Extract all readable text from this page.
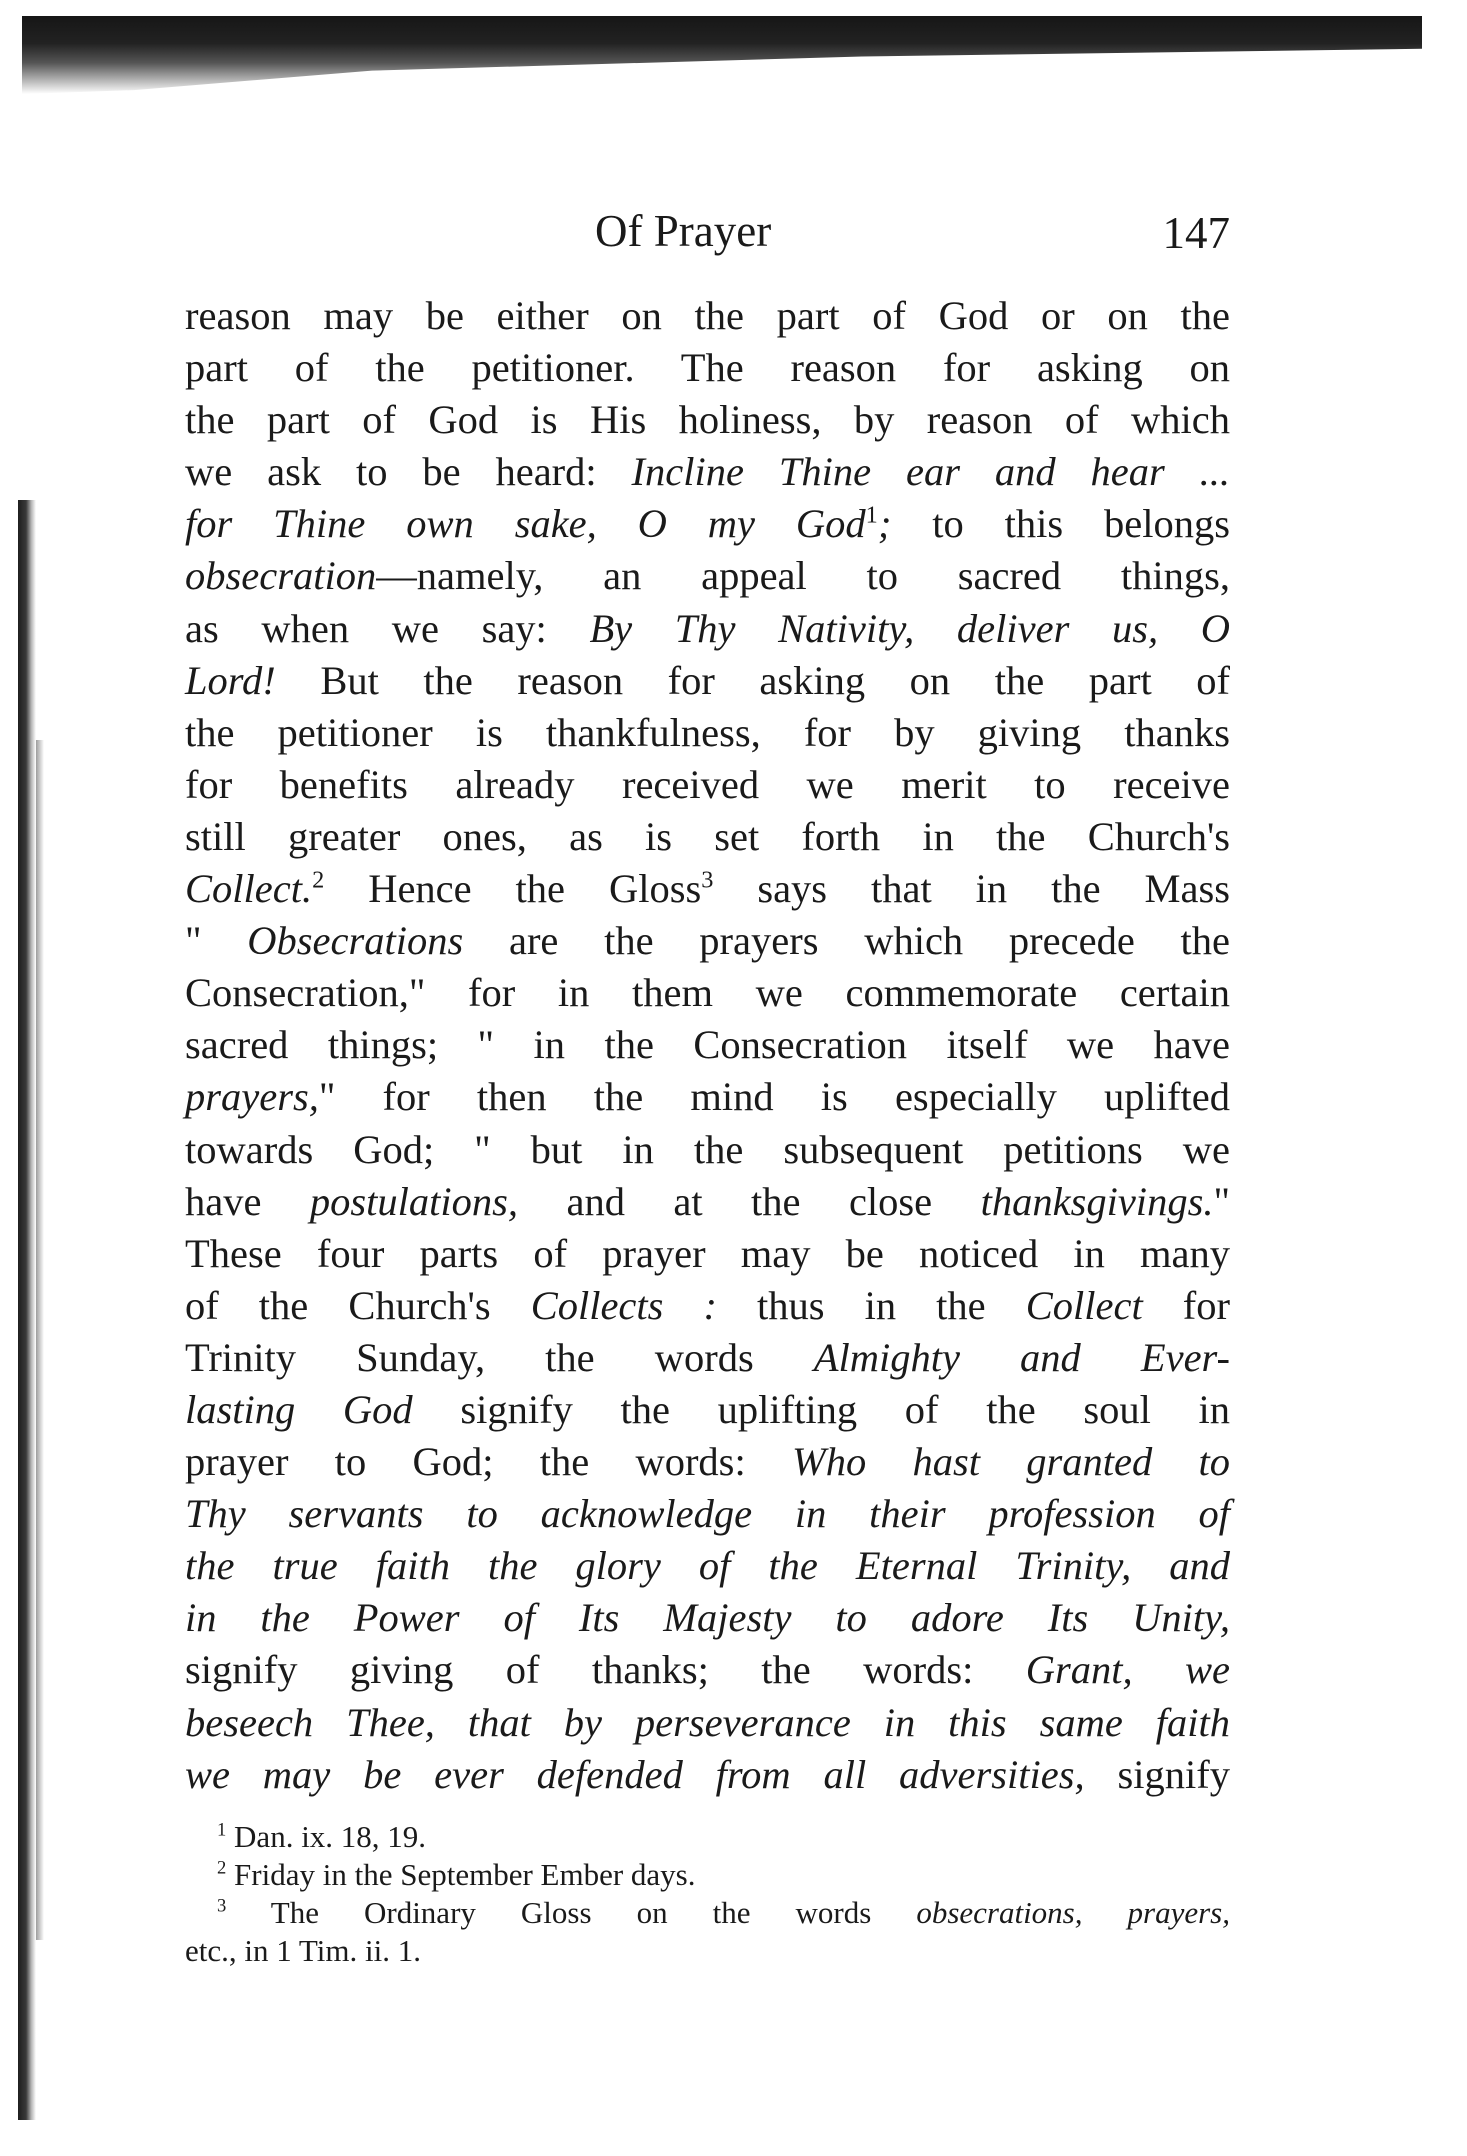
Of Prayer	147

reason may be either on the part of God or on the

part of the petitioner. The reason for asking on

the part of God is His holiness, by reason of which

we ask to be heard: Incline Thine ear and hear ...

for Thine own sake, O my God$^1$; to this belongs

obsecration—namely, an appeal to sacred things,

as when we say: By Thy Nativity, deliver us, O

Lord! But the reason for asking on the part of

the petitioner is thankfulness, for by giving thanks

for benefits already received we merit to receive

still greater ones, as is set forth in the Church's

Collect.$^2$ Hence the Gloss$^3$ says that in the Mass

" Obsecrations are the prayers which precede the

Consecration," for in them we commemorate certain

sacred things; " in the Consecration itself we have

prayers," for then the mind is especially uplifted

towards God; " but in the subsequent petitions we

have postulations, and at the close thanksgivings."

These four parts of prayer may be noticed in many

of the Church's Collects : thus in the Collect for

Trinity Sunday, the words Almighty and Ever-

lasting God signify the uplifting of the soul in

prayer to God; the words: Who hast granted to

Thy servants to acknowledge in their profession of

the true faith the glory of the Eternal Trinity, and

in the Power of Its Majesty to adore Its Unity,

signify giving of thanks; the words: Grant, we

beseech Thee, that by perseverance in this same faith

we may be ever defended from all adversities, signify

$^1$ Dan. ix. 18, 19.

$^2$ Friday in the September Ember days.

$^3$ The Ordinary Gloss on the words obsecrations, prayers,

etc., in 1 Tim. ii. 1.
